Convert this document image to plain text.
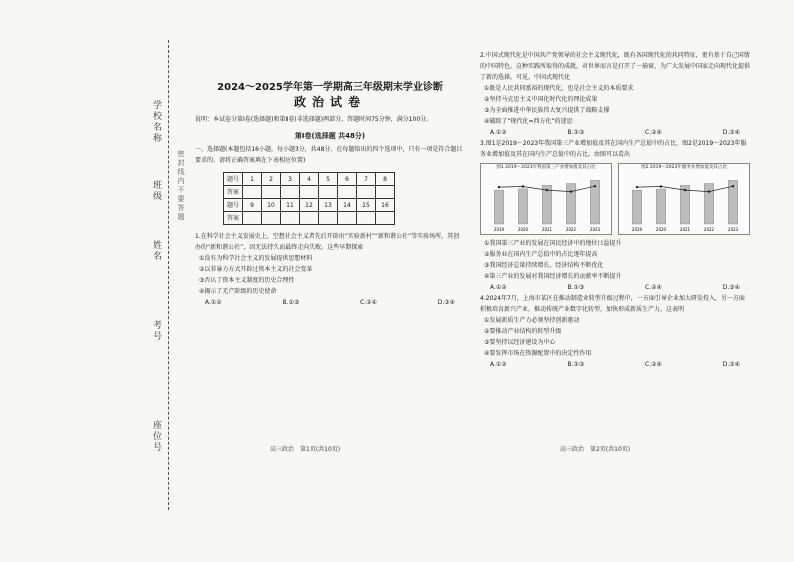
学校名称
班级
姓名
考号
座位号
密封线内不要答题

2024～2025学年第一学期高三年级期末学业诊断

政治试卷

说明：本试卷分第Ⅰ卷(选择题)和第Ⅱ卷(非选择题)两部分，答题时间75分钟，满分100分。

第Ⅰ卷(选择题 共48分)

一、选择题(本题包括16小题，每小题3分，共48分。在每题给出的四个选项中，只有一项是符合题目要求的。请将正确答案填在下表相应位置)

题号	1	2	3	4	5	6	7	8
答案								
题号	9	10	11	12	13	14	15	16
答案								

1.在科学社会主义发展史上，空想社会主义者先后开辟出“实验新村”“新和谐公社”等实验场所，其创办的“新和谐公社”，因无法持久而最终走向失败。这些早期探索

①没有为科学社会主义的发展提供思想材料

②以非暴力方式开辟过资本主义的社会变革

③否认了资本主义制度的历史合理性

④揭示了无产阶级的历史使命

A.①②	B.①③	C.②④	D.③④
高三政治　第1页(共10页)

2.中国式现代化是中国共产党领导的社会主义现代化，既有各国现代化的共同特征，更有基于自己国情的中国特色。这种实践所取得的成就，对世界而言是打开了一扇窗，为广大发展中国家走向现代化提供了新的选择。可见，中国式现代化

①既是人民共同富裕的现代化，也是社会主义的本质要求

②坚持马克思主义中国化时代化的理论成果

③为全面推进中华民族伟大复兴提供了战略支撑

④破除了“现代化=西方化”的迷思

A.①②	B.①③	C.②④	D.③④

3.图1是2019～2023年我国第三产业增加值及其在国内生产总值中的占比，图2是2019～2023年服务业增加值及其在国内生产总值中的占比。由图可以看出

图1 2019～2023年我国第三产业增加值及其占比
2019	2020	2021	2022	2023
图2 2019～2023年服务业增加值及其占比
2019	2020	2021	2022	2023

①我国第三产业的发展在国民经济中的地位日益提升

②服务业在国内生产总值中的占比逐年提高

③我国经济总量持续增长，经济结构不断优化

④第三产业的发展对我国经济增长的贡献率不断提升

A.①②	B.①③	C.②④	D.③④

4.2024年7月，上海市某区在推动制造业转型升级过程中，一方面引导企业加大研发投入，另一方面积极培育新兴产业，推动传统产业数字化转型，加快形成新质生产力。这表明

①发展新质生产力必须坚持创新驱动

②要推动产业结构的转型升级

③要坚持以经济建设为中心

④要发挥市场在资源配置中的决定性作用

A.①②	B.①③	C.②④	D.③④
高三政治　第2页(共10页)
